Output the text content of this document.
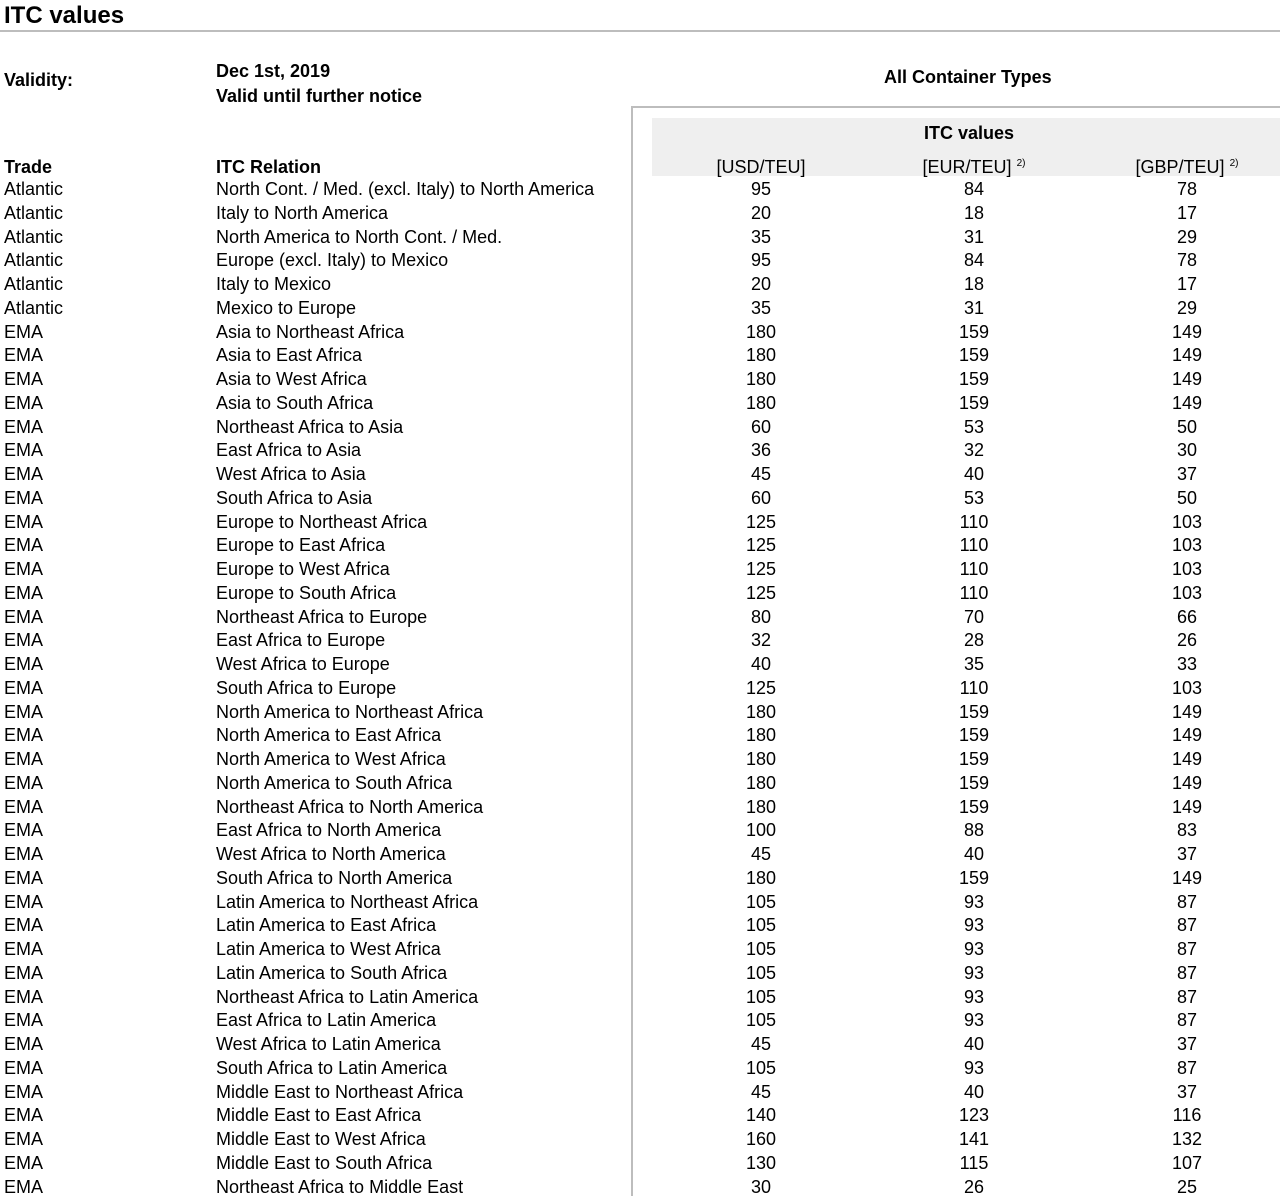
ITC values
Validity:	Dec 1st, 2019
Valid until further notice
All Container Types
ITC values
Trade	ITC Relation	[USD/TEU]	[EUR/TEU] $^{2)}$	[GBP/TEU] $^{2)}$
Atlantic	North Cont. / Med. (excl. Italy) to North America	95	84	78
Atlantic	Italy to North America	20	18	17
Atlantic	North America to North Cont. / Med.	35	31	29
Atlantic	Europe (excl. Italy) to Mexico	95	84	78
Atlantic	Italy to Mexico	20	18	17
Atlantic	Mexico to Europe	35	31	29
EMA	Asia to Northeast Africa	180	159	149
EMA	Asia to East Africa	180	159	149
EMA	Asia to West Africa	180	159	149
EMA	Asia to South Africa	180	159	149
EMA	Northeast Africa to Asia	60	53	50
EMA	East Africa to Asia	36	32	30
EMA	West Africa to Asia	45	40	37
EMA	South Africa to Asia	60	53	50
EMA	Europe to Northeast Africa	125	110	103
EMA	Europe to East Africa	125	110	103
EMA	Europe to West Africa	125	110	103
EMA	Europe to South Africa	125	110	103
EMA	Northeast Africa to Europe	80	70	66
EMA	East Africa to Europe	32	28	26
EMA	West Africa to Europe	40	35	33
EMA	South Africa to Europe	125	110	103
EMA	North America to Northeast Africa	180	159	149
EMA	North America to East Africa	180	159	149
EMA	North America to West Africa	180	159	149
EMA	North America to South Africa	180	159	149
EMA	Northeast Africa to North America	180	159	149
EMA	East Africa to North America	100	88	83
EMA	West Africa to North America	45	40	37
EMA	South Africa to North America	180	159	149
EMA	Latin America to Northeast Africa	105	93	87
EMA	Latin America to East Africa	105	93	87
EMA	Latin America to West Africa	105	93	87
EMA	Latin America to South Africa	105	93	87
EMA	Northeast Africa to Latin America	105	93	87
EMA	East Africa to Latin America	105	93	87
EMA	West Africa to Latin America	45	40	37
EMA	South Africa to Latin America	105	93	87
EMA	Middle East to Northeast Africa	45	40	37
EMA	Middle East to East Africa	140	123	116
EMA	Middle East to West Africa	160	141	132
EMA	Middle East to South Africa	130	115	107
EMA	Northeast Africa to Middle East	30	26	25
